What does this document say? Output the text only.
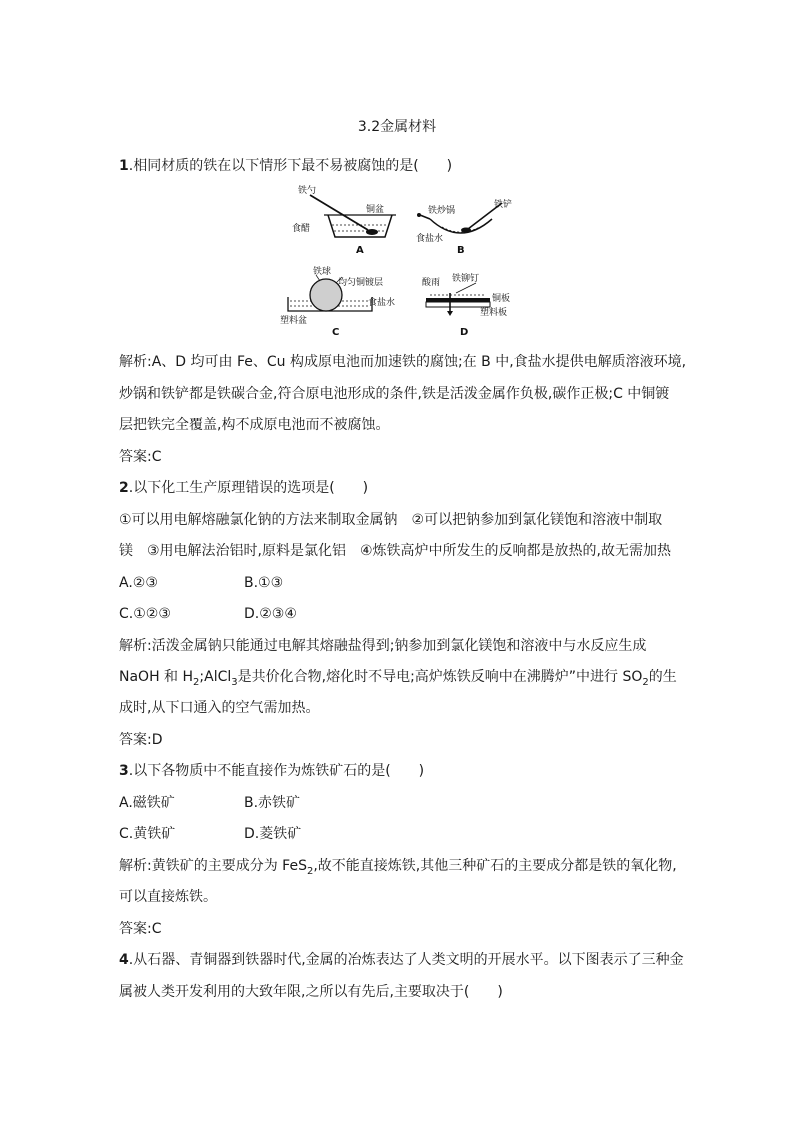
3.2金属材料
1.相同材质的铁在以下情形下最不易被腐蚀的是(　　)
铁勺
铜盆
食醋
A
铁炒锅
铁铲
食盐水
B
铁球
均匀铜镀层
食盐水
塑料盆
C
酸雨 铁铆钉
铜板
塑料板
D
解析:A、D 均可由 Fe、Cu 构成原电池而加速铁的腐蚀;在 B 中,食盐水提供电解质溶液环境,
炒锅和铁铲都是铁碳合金,符合原电池形成的条件,铁是活泼金属作负极,碳作正极;C 中铜镀
层把铁完全覆盖,构不成原电池而不被腐蚀。
答案:C
2.以下化工生产原理错误的选项是(　　)
①可以用电解熔融氯化钠的方法来制取金属钠　②可以把钠参加到氯化镁饱和溶液中制取
镁　③用电解法治铝时,原料是氯化铝　④炼铁高炉中所发生的反响都是放热的,故无需加热
A.②③	B.①③
C.①②③	D.②③④
解析:活泼金属钠只能通过电解其熔融盐得到;钠参加到氯化镁饱和溶液中与水反应生成
NaOH 和 $H_2;AlCl_3$是共价化合物,熔化时不导电;高炉炼铁反响中在沸腾炉”中进行 $SO_2$的生
成时,从下口通入的空气需加热。
答案:D
3.以下各物质中不能直接作为炼铁矿石的是(　　)
A.磁铁矿	B.赤铁矿
C.黄铁矿	D.菱铁矿
解析:黄铁矿的主要成分为 FeS$_2$,故不能直接炼铁,其他三种矿石的主要成分都是铁的氧化物,
可以直接炼铁。
答案:C
4.从石器、青铜器到铁器时代,金属的冶炼表达了人类文明的开展水平。以下图表示了三种金
属被人类开发利用的大致年限,之所以有先后,主要取决于(　　)
